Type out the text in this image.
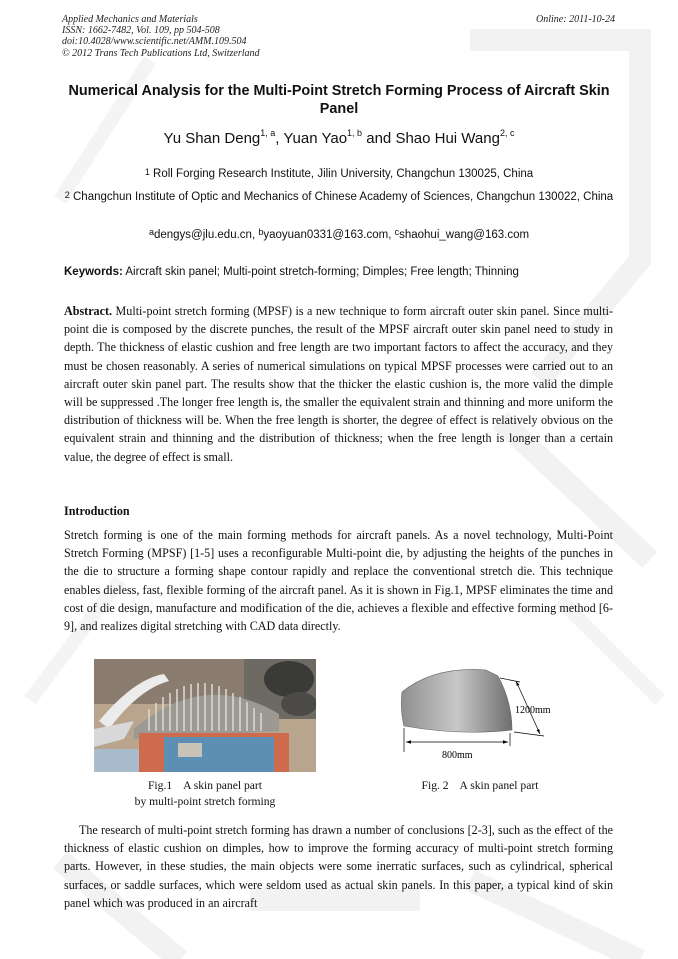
Applied Mechanics and Materials
ISSN: 1662-7482, Vol. 109, pp 504-508
doi:10.4028/www.scientific.net/AMM.109.504
© 2012 Trans Tech Publications Ltd, Switzerland
Online: 2011-10-24
Numerical Analysis for the Multi-Point Stretch Forming Process of Aircraft Skin Panel
Yu Shan Deng$^{1, a}$, Yuan Yao$^{1, b}$ and Shao Hui Wang$^{2, c}$
$^1$ Roll Forging Research Institute, Jilin University, Changchun 130025, China
$^2$ Changchun Institute of Optic and Mechanics of Chinese Academy of Sciences, Changchun 130022, China
$^a$dengys@jlu.edu.cn, $^b$yaoyuan0331@163.com, $^c$shaohui_wang@163.com
Keywords: Aircraft skin panel; Multi-point stretch-forming; Dimples; Free length; Thinning
Abstract. Multi-point stretch forming (MPSF) is a new technique to form aircraft outer skin panel. Since multi-point die is composed by the discrete punches, the result of the MPSF aircraft outer skin panel need to study in depth. The thickness of elastic cushion and free length are two important factors to affect the accuracy, and they must be chosen reasonably. A series of numerical simulations on typical MPSF processes were carried out to an aircraft outer skin panel part. The results show that the thicker the elastic cushion is, the more valid the dimple will be suppressed .The longer free length is, the smaller the equivalent strain and thinning and more uniform the distribution of thickness will be. When the free length is shorter, the degree of effect is relatively obvious on the equivalent strain and thinning and the distribution of thickness; when the free length is longer than a certain value, the degree of effect is small.
Introduction
Stretch forming is one of the main forming methods for aircraft panels. As a novel technology, Multi-Point Stretch Forming (MPSF) [1-5] uses a reconfigurable Multi-point die, by adjusting the heights of the punches in the die to structure a forming shape contour rapidly and replace the conventional stretch die. This technique enables dieless, fast, flexible forming of the aircraft panel. As it is shown in Fig.1, MPSF eliminates the time and cost of die design, manufacture and modification of the die, achieves a flexible and effective forming method [6-9], and realizes digital stretching with CAD data directly.
1200mm
800mm
Fig.1    A skin panel part
by multi-point stretch forming
Fig. 2    A skin panel part
The research of multi-point stretch forming has drawn a number of conclusions [2-3], such as the effect of the thickness of elastic cushion on dimples, how to improve the forming accuracy of multi-point stretch forming parts. However, in these studies, the main objects were some inerratic surfaces, such as cylindrical, spherical surfaces, or saddle surfaces, which were seldom used as actual skin panels. In this paper, a typical kind of skin panel which was produced in an aircraft
